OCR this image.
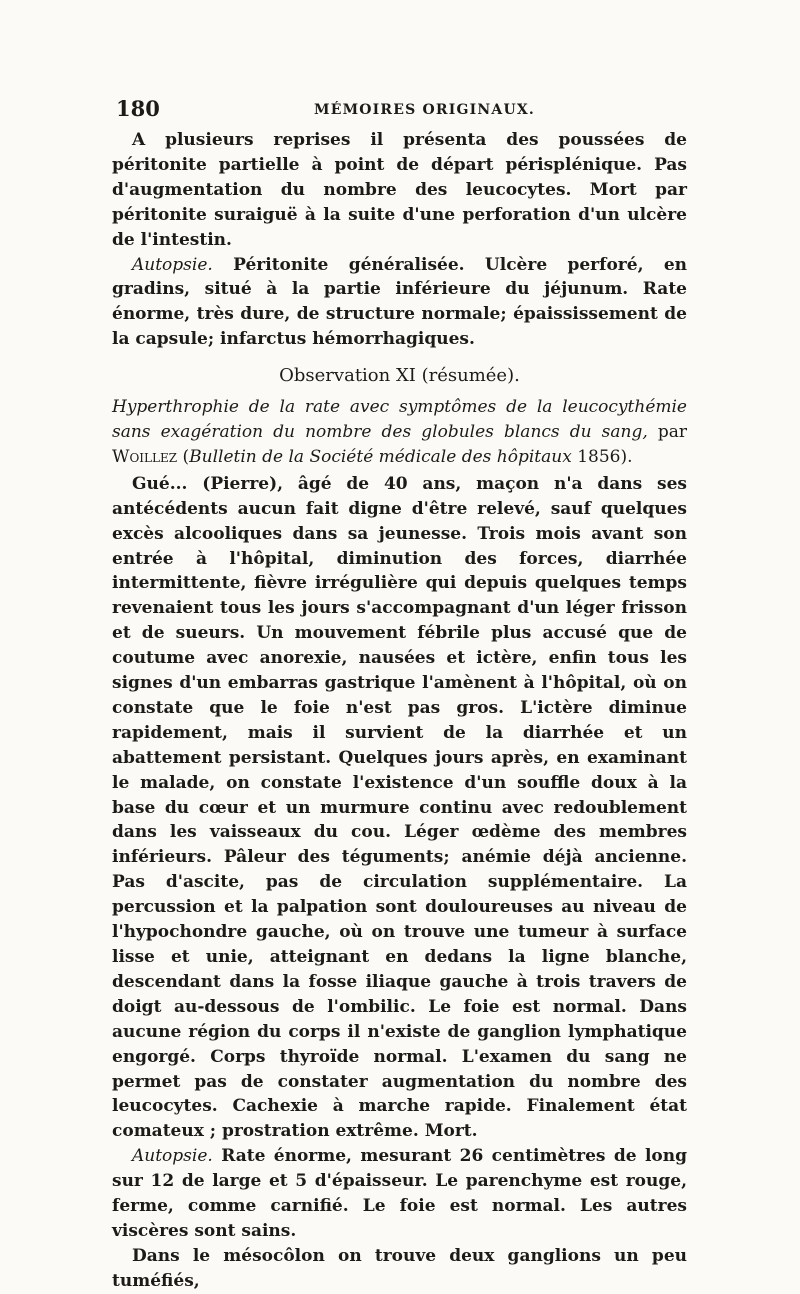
180	MÉMOIRES ORIGINAUX.

A plusieurs reprises il présenta des poussées de péritonite partielle à point de départ périsplénique. Pas d'augmentation du nombre des leucocytes. Mort par péritonite suraiguë à la suite d'une perforation d'un ulcère de l'intestin.

Autopsie. Péritonite généralisée. Ulcère perforé, en gradins, situé à la partie inférieure du jéjunum. Rate énorme, très dure, de structure normale; épaississement de la capsule; infarctus hémorrhagiques.

Observation XI (résumée).

Hyperthrophie de la rate avec symptômes de la leucocythémie sans exagération du nombre des globules blancs du sang, par Woillez (Bulletin de la Société médicale des hôpitaux 1856).

Gué... (Pierre), âgé de 40 ans, maçon n'a dans ses antécédents aucun fait digne d'être relevé, sauf quelques excès alcooliques dans sa jeunesse. Trois mois avant son entrée à l'hôpital, diminution des forces, diarrhée intermittente, fièvre irrégulière qui depuis quelques temps revenaient tous les jours s'accompagnant d'un léger frisson et de sueurs. Un mouvement fébrile plus accusé que de coutume avec anorexie, nausées et ictère, enfin tous les signes d'un embarras gastrique l'amènent à l'hôpital, où on constate que le foie n'est pas gros. L'ictère diminue rapidement, mais il survient de la diarrhée et un abattement persistant. Quelques jours après, en examinant le malade, on constate l'existence d'un souffle doux à la base du cœur et un murmure continu avec redoublement dans les vaisseaux du cou. Léger œdème des membres inférieurs. Pâleur des téguments; anémie déjà ancienne. Pas d'ascite, pas de circulation supplémentaire. La percussion et la palpation sont douloureuses au niveau de l'hypochondre gauche, où on trouve une tumeur à surface lisse et unie, atteignant en dedans la ligne blanche, descendant dans la fosse iliaque gauche à trois travers de doigt au-dessous de l'ombilic. Le foie est normal. Dans aucune région du corps il n'existe de ganglion lymphatique engorgé. Corps thyroïde normal. L'examen du sang ne permet pas de constater augmentation du nombre des leucocytes. Cachexie à marche rapide. Finalement état comateux ; prostration extrême. Mort.

Autopsie. Rate énorme, mesurant 26 centimètres de long sur 12 de large et 5 d'épaisseur. Le parenchyme est rouge, ferme, comme carnifié. Le foie est normal. Les autres viscères sont sains.

Dans le mésocôlon on trouve deux ganglions un peu tuméfiés,
